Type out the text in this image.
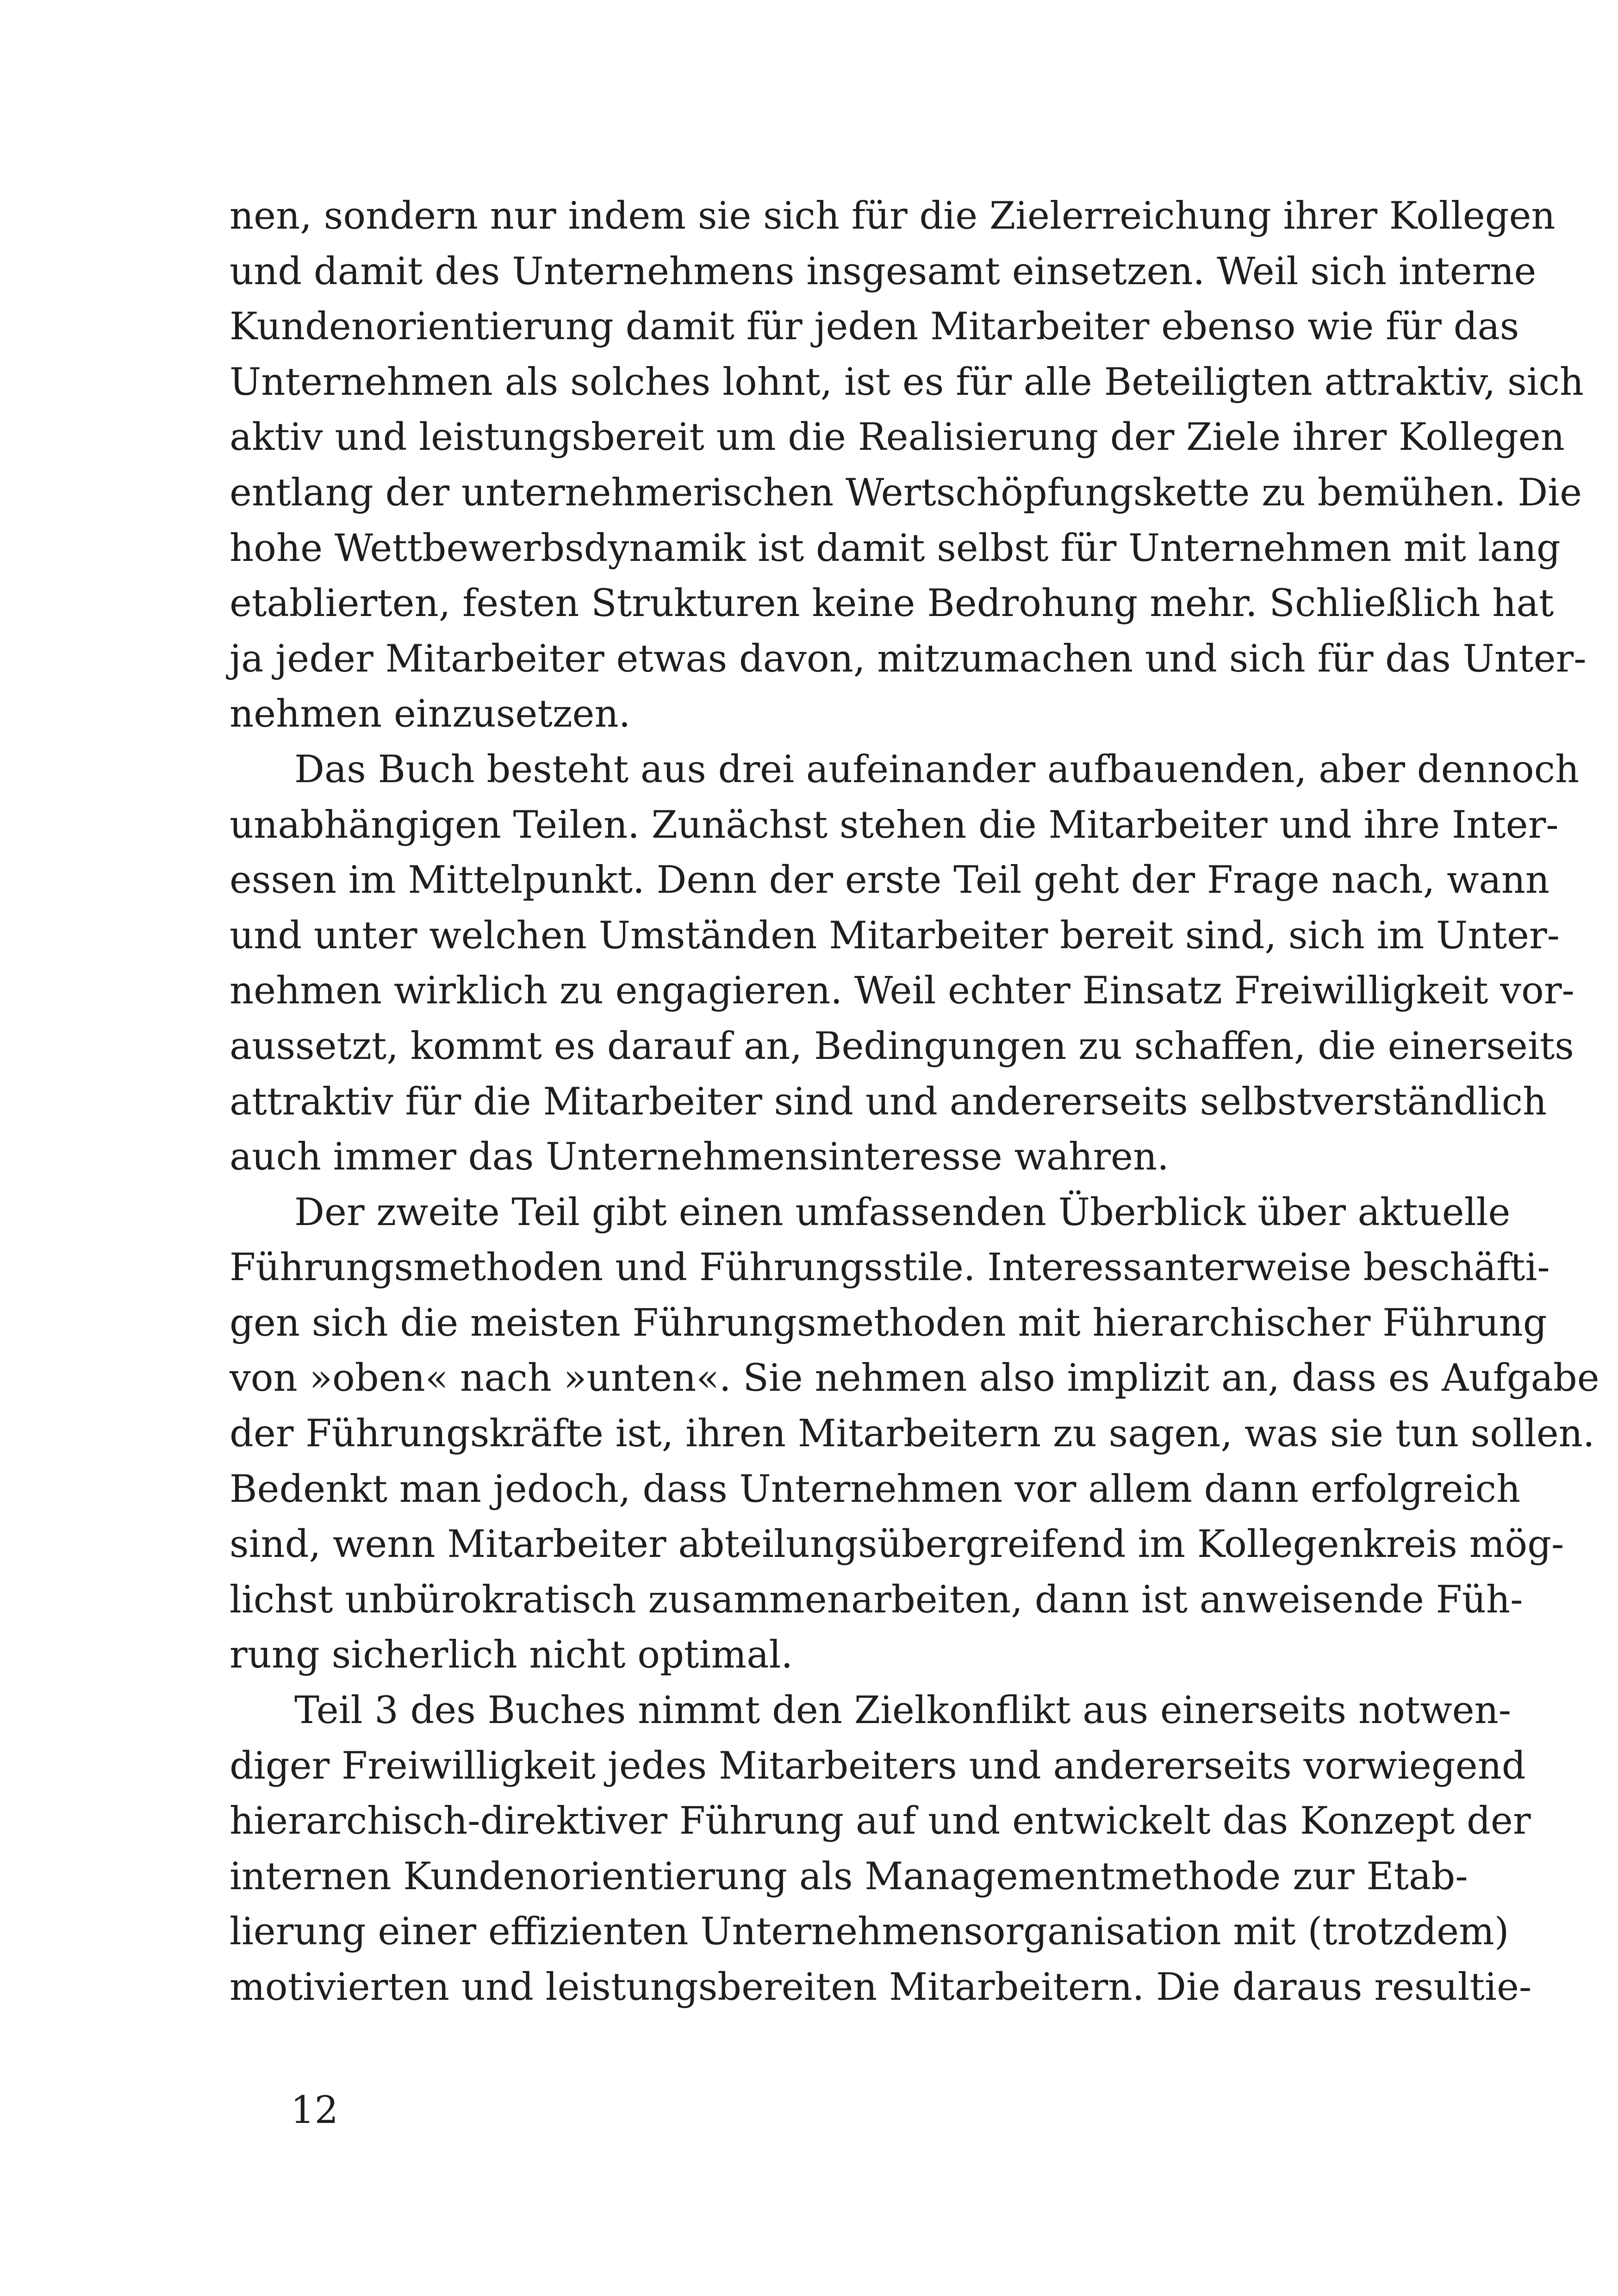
nen, sondern nur indem sie sich für die Zielerreichung ihrer Kollegen
und damit des Unternehmens insgesamt einsetzen. Weil sich interne
Kundenorientierung damit für jeden Mitarbeiter ebenso wie für das
Unternehmen als solches lohnt, ist es für alle Beteiligten attraktiv, sich
aktiv und leistungsbereit um die Realisierung der Ziele ihrer Kollegen
entlang der unternehmerischen Wertschöpfungskette zu bemühen. Die
hohe Wettbewerbsdynamik ist damit selbst für Unternehmen mit lang
etablierten, festen Strukturen keine Bedrohung mehr. Schließlich hat
ja jeder Mitarbeiter etwas davon, mitzumachen und sich für das Unter-
nehmen einzusetzen.
Das Buch besteht aus drei aufeinander aufbauenden, aber dennoch
unabhängigen Teilen. Zunächst stehen die Mitarbeiter und ihre Inter-
essen im Mittelpunkt. Denn der erste Teil geht der Frage nach, wann
und unter welchen Umständen Mitarbeiter bereit sind, sich im Unter-
nehmen wirklich zu engagieren. Weil echter Einsatz Freiwilligkeit vor-
aussetzt, kommt es darauf an, Bedingungen zu schaffen, die einerseits
attraktiv für die Mitarbeiter sind und andererseits selbstverständlich
auch immer das Unternehmensinteresse wahren.
Der zweite Teil gibt einen umfassenden Überblick über aktuelle
Führungsmethoden und Führungsstile. Interessanterweise beschäfti-
gen sich die meisten Führungsmethoden mit hierarchischer Führung
von »oben« nach »unten«. Sie nehmen also implizit an, dass es Aufgabe
der Führungskräfte ist, ihren Mitarbeitern zu sagen, was sie tun sollen.
Bedenkt man jedoch, dass Unternehmen vor allem dann erfolgreich
sind, wenn Mitarbeiter abteilungsübergreifend im Kollegenkreis mög-
lichst unbürokratisch zusammenarbeiten, dann ist anweisende Füh-
rung sicherlich nicht optimal.
Teil 3 des Buches nimmt den Zielkonflikt aus einerseits notwen-
diger Freiwilligkeit jedes Mitarbeiters und andererseits vorwiegend
hierarchisch-direktiver Führung auf und entwickelt das Konzept der
internen Kundenorientierung als Managementmethode zur Etab-
lierung einer effizienten Unternehmensorganisation mit (trotzdem)
motivierten und leistungsbereiten Mitarbeitern. Die daraus resultie-
12
